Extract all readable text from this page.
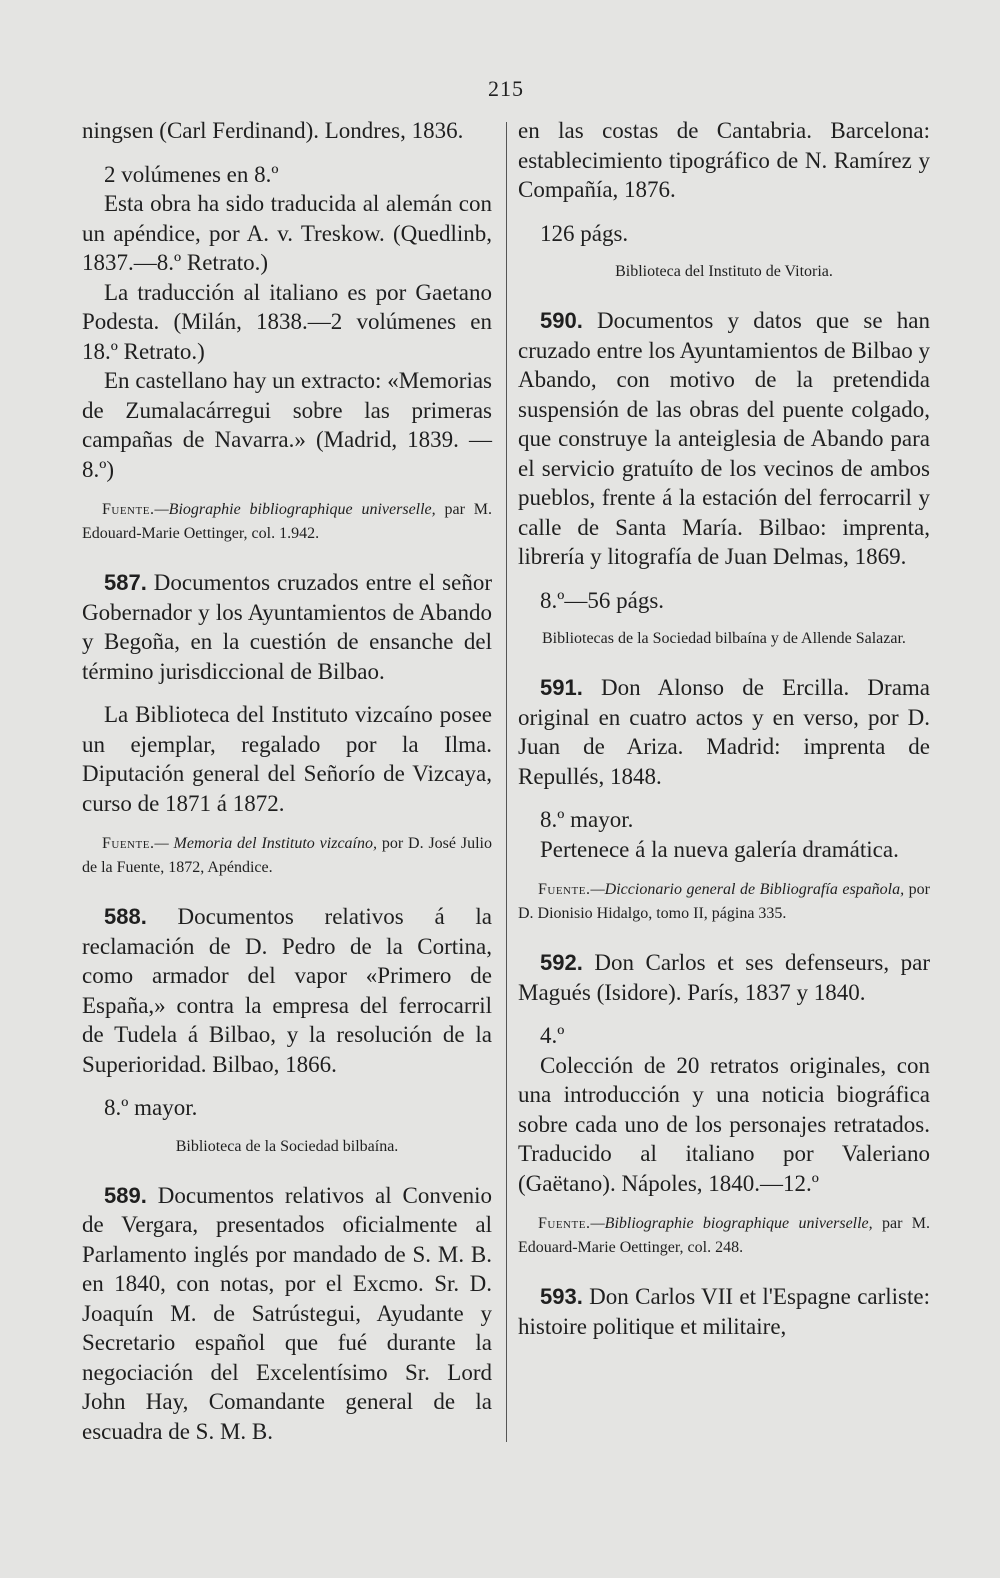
215

ningsen (Carl Ferdinand). Londres, 1836.

2 volúmenes en 8.º

Esta obra ha sido traducida al alemán con un apéndice, por A. v. Treskow. (Quedlinb, 1837.—8.º Retrato.)

La traducción al italiano es por Gaetano Podesta. (Milán, 1838.—2 volúmenes en 18.º Retrato.)

En castellano hay un extracto: «Memorias de Zumalacárregui sobre las primeras campañas de Navarra.» (Madrid, 1839. —8.º)

Fuente.—Biographie bibliographique universelle, par M. Edouard-Marie Oettinger, col. 1.942.

587. Documentos cruzados entre el señor Gobernador y los Ayuntamientos de Abando y Begoña, en la cuestión de ensanche del término jurisdiccional de Bilbao.

La Biblioteca del Instituto vizcaíno posee un ejemplar, regalado por la Ilma. Diputación general del Señorío de Vizcaya, curso de 1871 á 1872.

Fuente.— Memoria del Instituto vizcaíno, por D. José Julio de la Fuente, 1872, Apéndice.

588. Documentos relativos á la reclamación de D. Pedro de la Cortina, como armador del vapor «Primero de España,» contra la empresa del ferrocarril de Tudela á Bilbao, y la resolución de la Superioridad. Bilbao, 1866.

8.º mayor.

Biblioteca de la Sociedad bilbaína.

589. Documentos relativos al Convenio de Vergara, presentados oficialmente al Parlamento inglés por mandado de S. M. B. en 1840, con notas, por el Excmo. Sr. D. Joaquín M. de Satrústegui, Ayudante y Secretario español que fué durante la negociación del Excelentísimo Sr. Lord John Hay, Comandante general de la escuadra de S. M. B.

en las costas de Cantabria. Barcelona: establecimiento tipográfico de N. Ramírez y Compañía, 1876.

126 págs.

Biblioteca del Instituto de Vitoria.

590. Documentos y datos que se han cruzado entre los Ayuntamientos de Bilbao y Abando, con motivo de la pretendida suspensión de las obras del puente colgado, que construye la anteiglesia de Abando para el servicio gratuíto de los vecinos de ambos pueblos, frente á la estación del ferrocarril y calle de Santa María. Bilbao: imprenta, librería y litografía de Juan Delmas, 1869.

8.º—56 págs.

Bibliotecas de la Sociedad bilbaína y de Allende Salazar.

591. Don Alonso de Ercilla. Drama original en cuatro actos y en verso, por D. Juan de Ariza. Madrid: imprenta de Repullés, 1848.

8.º mayor.

Pertenece á la nueva galería dramática.

Fuente.—Diccionario general de Bibliografía española, por D. Dionisio Hidalgo, tomo II, página 335.

592. Don Carlos et ses defenseurs, par Magués (Isidore). París, 1837 y 1840.

4.º

Colección de 20 retratos originales, con una introducción y una noticia biográfica sobre cada uno de los personajes retratados. Traducido al italiano por Valeriano (Gaëtano). Nápoles, 1840.—12.º

Fuente.—Bibliographie biographique universelle, par M. Edouard-Marie Oettinger, col. 248.

593. Don Carlos VII et l'Espagne carliste: histoire politique et militaire,
